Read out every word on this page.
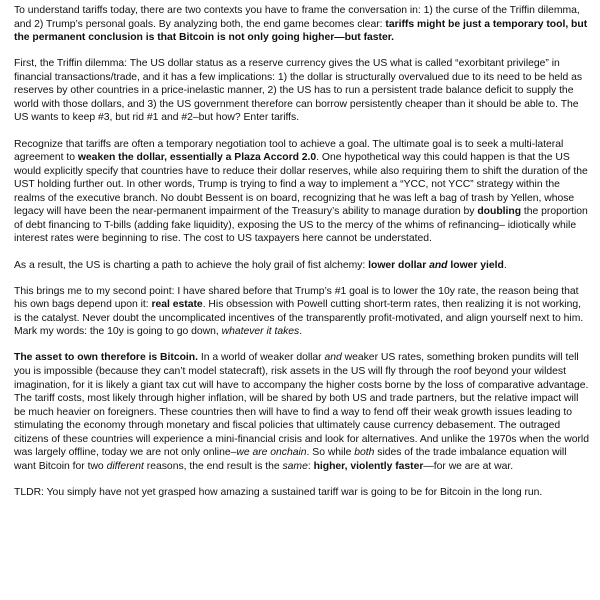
To understand tariffs today, there are two contexts you have to frame the conversation in: 1) the curse of the Triffin dilemma, and 2) Trump’s personal goals. By analyzing both, the end game becomes clear: tariffs might be just a temporary tool, but the permanent conclusion is that Bitcoin is not only going higher—but faster.

First, the Triffin dilemma: The US dollar status as a reserve currency gives the US what is called “exorbitant privilege” in financial transactions/trade, and it has a few implications: 1) the dollar is structurally overvalued due to its need to be held as reserves by other countries in a price-inelastic manner, 2) the US has to run a persistent trade balance deficit to supply the world with those dollars, and 3) the US government therefore can borrow persistently cheaper than it should be able to. The US wants to keep #3, but rid #1 and #2–but how? Enter tariffs.

Recognize that tariffs are often a temporary negotiation tool to achieve a goal. The ultimate goal is to seek a multi-lateral agreement to weaken the dollar, essentially a Plaza Accord 2.0. One hypothetical way this could happen is that the US would explicitly specify that countries have to reduce their dollar reserves, while also requiring them to shift the duration of the UST holding further out. In other words, Trump is trying to find a way to implement a “YCC, not YCC” strategy within the realms of the executive branch. No doubt Bessent is on board, recognizing that he was left a bag of trash by Yellen, whose legacy will have been the near-permanent impairment of the Treasury’s ability to manage duration by doubling the proportion of debt financing to T-bills (adding fake liquidity), exposing the US to the mercy of the whims of refinancing– idiotically while interest rates were beginning to rise. The cost to US taxpayers here cannot be understated.

As a result, the US is charting a path to achieve the holy grail of fist alchemy: lower dollar and lower yield.

This brings me to my second point: I have shared before that Trump’s #1 goal is to lower the 10y rate, the reason being that his own bags depend upon it: real estate. His obsession with Powell cutting short-term rates, then realizing it is not working, is the catalyst. Never doubt the uncomplicated incentives of the transparently profit-motivated, and align yourself next to him. Mark my words: the 10y is going to go down, whatever it takes.

The asset to own therefore is Bitcoin. In a world of weaker dollar and weaker US rates, something broken pundits will tell you is impossible (because they can’t model statecraft), risk assets in the US will fly through the roof beyond your wildest imagination, for it is likely a giant tax cut will have to accompany the higher costs borne by the loss of comparative advantage. The tariff costs, most likely through higher inflation, will be shared by both US and trade partners, but the relative impact will be much heavier on foreigners. These countries then will have to find a way to fend off their weak growth issues leading to stimulating the economy through monetary and fiscal policies that ultimately cause currency debasement. The outraged citizens of these countries will experience a mini-financial crisis and look for alternatives. And unlike the 1970s when the world was largely offline, today we are not only online–we are onchain. So while both sides of the trade imbalance equation will want Bitcoin for two different reasons, the end result is the same: higher, violently faster—for we are at war.

TLDR: You simply have not yet grasped how amazing a sustained tariff war is going to be for Bitcoin in the long run.
